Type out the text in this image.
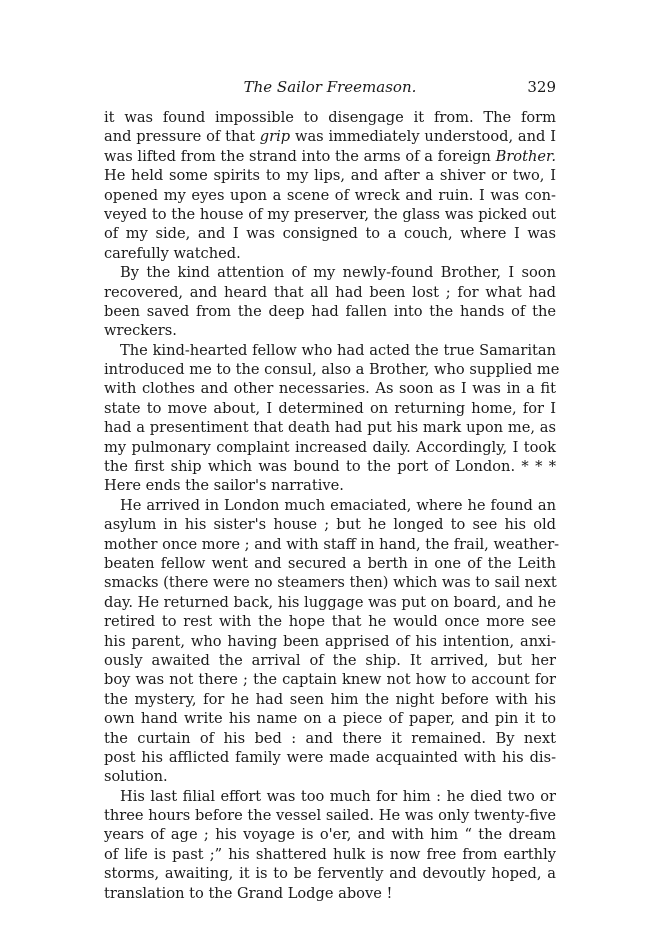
The Sailor Freemason.	329
it was found impossible to disengage it from. The form
and pressure of that grip was immediately understood, and I
was lifted from the strand into the arms of a foreign Brother.
He held some spirits to my lips, and after a shiver or two, I
opened my eyes upon a scene of wreck and ruin. I was con-
veyed to the house of my preserver, the glass was picked out
of my side, and I was consigned to a couch, where I was
carefully watched.
By the kind attention of my newly-found Brother, I soon
recovered, and heard that all had been lost ; for what had
been saved from the deep had fallen into the hands of the
wreckers.
The kind-hearted fellow who had acted the true Samaritan
introduced me to the consul, also a Brother, who supplied me
with clothes and other necessaries. As soon as I was in a fit
state to move about, I determined on returning home, for I
had a presentiment that death had put his mark upon me, as
my pulmonary complaint increased daily. Accordingly, I took
the first ship which was bound to the port of London. * * *
Here ends the sailor's narrative.
He arrived in London much emaciated, where he found an
asylum in his sister's house ; but he longed to see his old
mother once more ; and with staff in hand, the frail, weather-
beaten fellow went and secured a berth in one of the Leith
smacks (there were no steamers then) which was to sail next
day. He returned back, his luggage was put on board, and he
retired to rest with the hope that he would once more see
his parent, who having been apprised of his intention, anxi-
ously awaited the arrival of the ship. It arrived, but her
boy was not there ; the captain knew not how to account for
the mystery, for he had seen him the night before with his
own hand write his name on a piece of paper, and pin it to
the curtain of his bed : and there it remained. By next
post his afflicted family were made acquainted with his dis-
solution.
His last filial effort was too much for him : he died two or
three hours before the vessel sailed. He was only twenty-five
years of age ; his voyage is o'er, and with him “ the dream
of life is past ;” his shattered hulk is now free from earthly
storms, awaiting, it is to be fervently and devoutly hoped, a
translation to the Grand Lodge above !
